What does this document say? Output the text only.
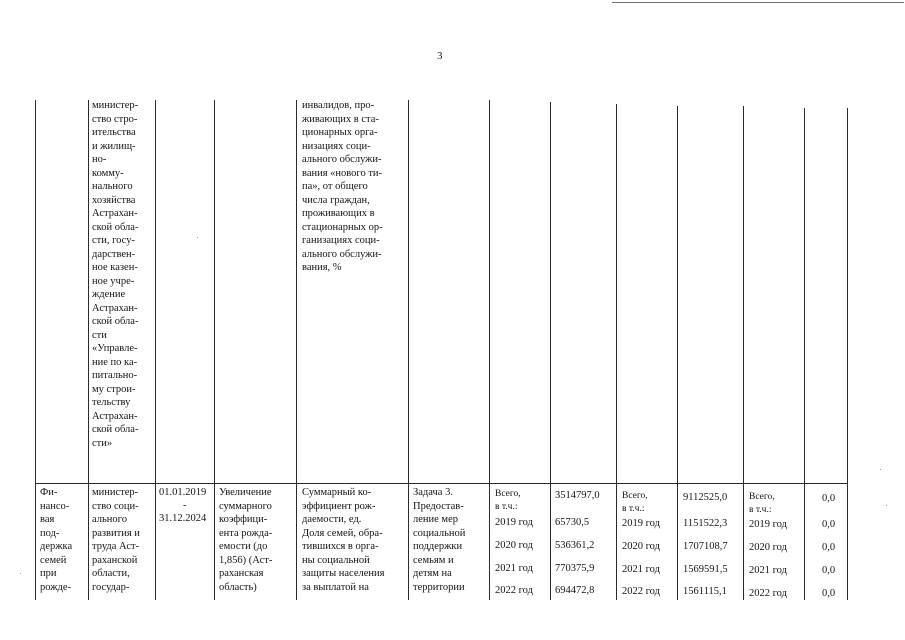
3
министер-
ство стро-
ительства
и жилищ-
но-
комму-
нального
хозяйства
Астрахан-
ской обла-
сти, госу-
дарствен-
ное казен-
ное учре-
ждение
Астрахан-
ской обла-
сти
«Управле-
ние по ка-
питально-
му строи-
тельству
Астрахан-
ской обла-
сти»
инвалидов, про-
живающих в ста-
ционарных орга-
низациях соци-
ального обслужи-
вания «нового ти-
па», от общего
числа граждан,
проживающих в
стационарных ор-
ганизациях соци-
ального обслужи-
вания, %
Фи-
нансо-
вая
под-
держка
семей
при
рожде-
министер-
ство соци-
ального
развития и
труда Аст-
раханской
области,
государ-
01.01.2019
-
31.12.2024
Увеличение
суммарного
коэффици-
ента рожда-
емости (до
1,856) (Аст-
раханская
область)
Суммарный ко-
эффициент рож-
даемости, ед.
Доля семей, обра-
тившихся в орга-
ны социальной
защиты населения
за выплатой на
Задача 3.
Предостав-
ление мер
социальной
поддержки
семьям и
детям на
территории
Всего,
в т.ч.:
2019 год
2020 год
2021 год
2022 год
3514797,0
65730,5
536361,2
770375,9
694472,8
Всего,
в т.ч.:
2019 год
2020 год
2021 год
2022 год
9112525,0
1151522,3
1707108,7
1569591,5
1561115,1
Всего,
в т.ч.:
2019 год
2020 год
2021 год
2022 год
0,0
0,0
0,0
0,0
0,0
